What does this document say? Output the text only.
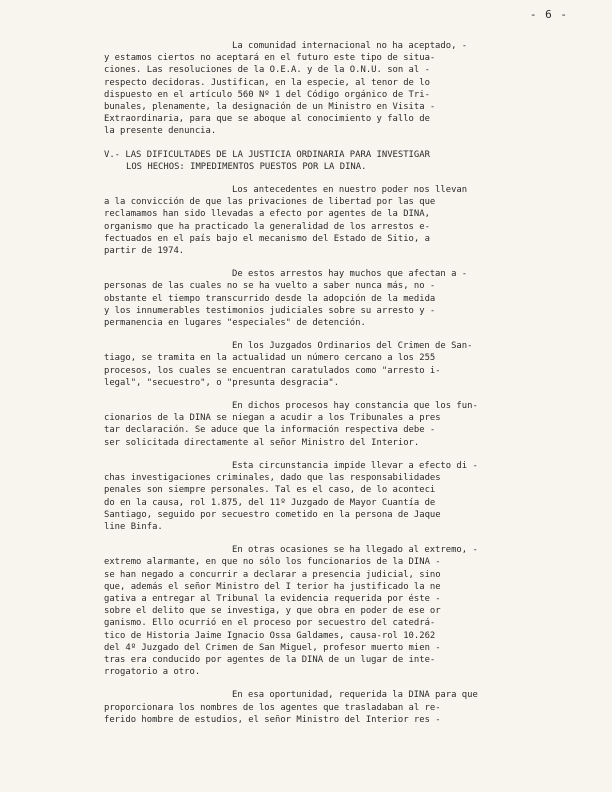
- 6 -
La comunidad internacional no ha aceptado, -
y estamos ciertos no aceptará en el futuro este tipo de situa-
ciones. Las resoluciones de la O.E.A. y de la O.N.U. son al -
respecto decidoras. Justifican, en la especie, al tenor de lo
dispuesto en el artículo 560 Nº 1 del Código orgánico de Tri-
bunales, plenamente, la designación de un Ministro en Visita -
Extraordinaria, para que se aboque al conocimiento y fallo de
la presente denuncia.
V.- LAS DIFICULTADES DE LA JUSTICIA ORDINARIA PARA INVESTIGAR
LOS HECHOS: IMPEDIMENTOS PUESTOS POR LA DINA.
Los antecedentes en nuestro poder nos llevan
a la convicción de que las privaciones de libertad por las que
reclamamos han sido llevadas a efecto por agentes de la DINA,
organismo que ha practicado la generalidad de los arrestos e-
fectuados en el país bajo el mecanismo del Estado de Sitio, a
partir de 1974.
De estos arrestos hay muchos que afectan a -
personas de las cuales no se ha vuelto a saber nunca más, no -
obstante el tiempo transcurrido desde la adopción de la medida
y los innumerables testimonios judiciales sobre su arresto y -
permanencia en lugares "especiales" de detención.
En los Juzgados Ordinarios del Crimen de San-
tiago, se tramita en la actualidad un número cercano a los 255
procesos, los cuales se encuentran caratulados como "arresto i-
legal", "secuestro", o "presunta desgracia".
En dichos procesos hay constancia que los fun-
cionarios de la DINA se niegan a acudir a los Tribunales a pres
tar declaración. Se aduce que la información respectiva debe -
ser solicitada directamente al señor Ministro del Interior.
Esta circunstancia impide llevar a efecto di -
chas investigaciones criminales, dado que las responsabilidades
penales son siempre personales. Tal es el caso, de lo aconteci
do en la causa, rol 1.875, del 11º Juzgado de Mayor Cuantía de
Santiago, seguido por secuestro cometido en la persona de Jaque
line Binfa.
En otras ocasiones se ha llegado al extremo, -
extremo alarmante, en que no sólo los funcionarios de la DINA -
se han negado a concurrir a declarar a presencia judicial, sino
que, además el señor Ministro del I terior ha justificado la ne
gativa a entregar al Tribunal la evidencia requerida por éste -
sobre el delito que se investiga, y que obra en poder de ese or
ganismo. Ello ocurrió en el proceso por secuestro del catedrá-
tico de Historia Jaime Ignacio Ossa Galdames, causa-rol 10.262
del 4º Juzgado del Crimen de San Miguel, profesor muerto mien -
tras era conducido por agentes de la DINA de un lugar de inte-
rrogatorio a otro.
En esa oportunidad, requerida la DINA para que
proporcionara los nombres de los agentes que trasladaban al re-
ferido hombre de estudios, el señor Ministro del Interior res -
